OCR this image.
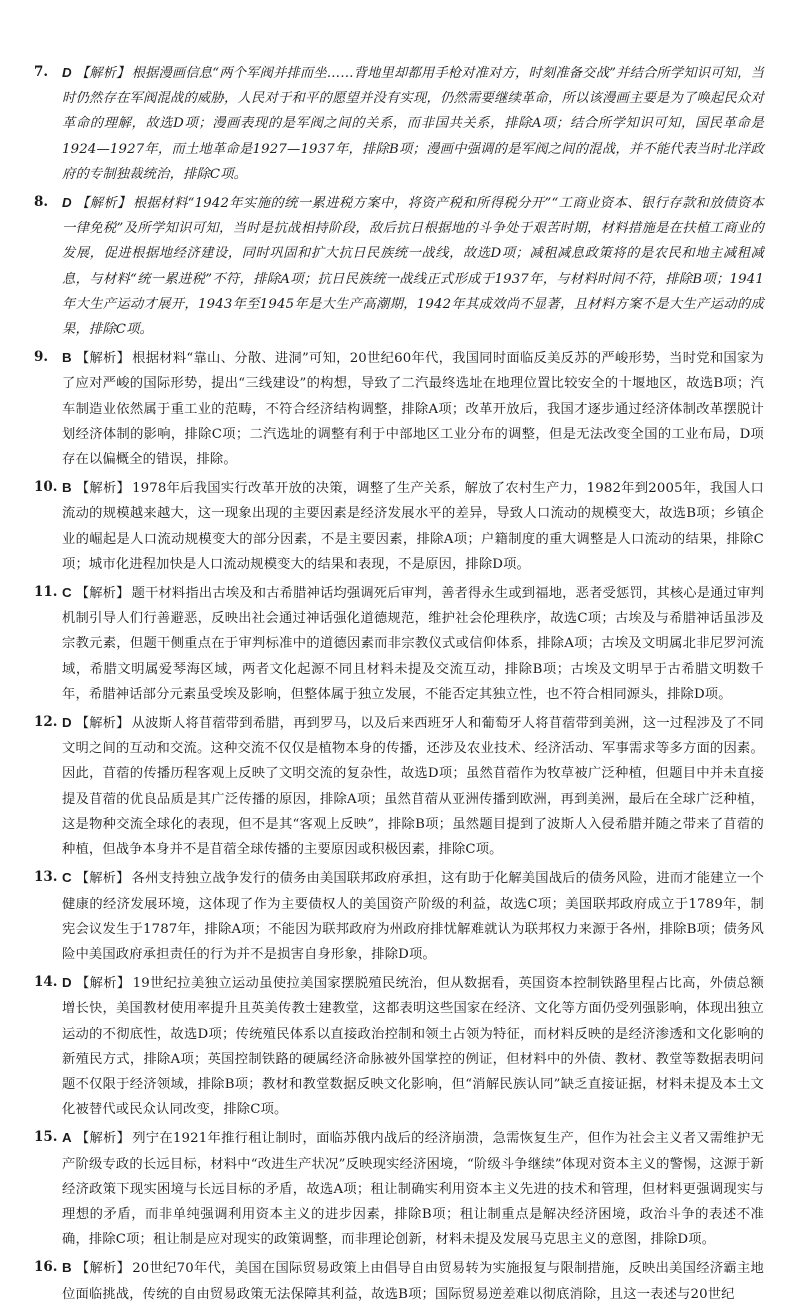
7.	D 【解析】 根据漫画信息“两个军阀并排而坐……背地里却都用手枪对准对方，时刻准备交战”并结合所学知识可知，当时仍然存在军阀混战的威胁，人民对于和平的愿望并没有实现，仍然需要继续革命，所以该漫画主要是为了唤起民众对革命的理解，故选D项；漫画表现的是军阀之间的关系，而非国共关系，排除A项；结合所学知识可知，国民革命是1924—1927年，而土地革命是1927—1937年，排除B项；漫画中强调的是军阀之间的混战，并不能代表当时北洋政府的专制独裁统治，排除C项。
8.	D 【解析】 根据材料“1942年实施的统一累进税方案中，将资产税和所得税分开”“工商业资本、银行存款和放债资本一律免税”及所学知识可知，当时是抗战相持阶段，敌后抗日根据地的斗争处于艰苦时期，材料措施是在扶植工商业的发展，促进根据地经济建设，同时巩固和扩大抗日民族统一战线，故选D项；减租减息政策将的是农民和地主减租减息，与材料“统一累进税”不符，排除A项；抗日民族统一战线正式形成于1937年，与材料时间不符，排除B项；1941年大生产运动才展开，1943年至1945年是大生产高潮期，1942年其成效尚不显著，且材料方案不是大生产运动的成果，排除C项。
9.	B 【解析】 根据材料“靠山、分散、进洞”可知，20世纪60年代，我国同时面临反美反苏的严峻形势，当时党和国家为了应对严峻的国际形势，提出“三线建设”的构想，导致了二汽最终选址在地理位置比较安全的十堰地区，故选B项；汽车制造业依然属于重工业的范畴，不符合经济结构调整，排除A项；改革开放后，我国才逐步通过经济体制改革摆脱计划经济体制的影响，排除C项；二汽选址的调整有利于中部地区工业分布的调整，但是无法改变全国的工业布局，D项存在以偏概全的错误，排除。
10. B 【解析】 1978年后我国实行改革开放的决策，调整了生产关系，解放了农村生产力，1982年到2005年，我国人口流动的规模越来越大，这一现象出现的主要因素是经济发展水平的差异，导致人口流动的规模变大，故选B项；乡镇企业的崛起是人口流动规模变大的部分因素，不是主要因素，排除A项；户籍制度的重大调整是人口流动的结果，排除C项；城市化进程加快是人口流动规模变大的结果和表现，不是原因，排除D项。
11. C 【解析】 题干材料指出古埃及和古希腊神话均强调死后审判，善者得永生或到福地，恶者受惩罚，其核心是通过审判机制引导人们行善避恶，反映出社会通过神话强化道德规范，维护社会伦理秩序，故选C项；古埃及与希腊神话虽涉及宗教元素，但题干侧重点在于审判标准中的道德因素而非宗教仪式或信仰体系，排除A项；古埃及文明属北非尼罗河流域，希腊文明属爱琴海区域，两者文化起源不同且材料未提及交流互动，排除B项；古埃及文明早于古希腊文明数千年，希腊神话部分元素虽受埃及影响，但整体属于独立发展，不能否定其独立性，也不符合相同源头，排除D项。
12. D 【解析】 从波斯人将苜蓿带到希腊，再到罗马，以及后来西班牙人和葡萄牙人将苜蓿带到美洲，这一过程涉及了不同文明之间的互动和交流。这种交流不仅仅是植物本身的传播，还涉及农业技术、经济活动、军事需求等多方面的因素。因此，苜蓿的传播历程客观上反映了文明交流的复杂性，故选D项；虽然苜蓿作为牧草被广泛种植，但题目中并未直接提及苜蓿的优良品质是其广泛传播的原因，排除A项；虽然苜蓿从亚洲传播到欧洲，再到美洲，最后在全球广泛种植，这是物种交流全球化的表现，但不是其“客观上反映”，排除B项；虽然题目提到了波斯人入侵希腊并随之带来了苜蓿的种植，但战争本身并不是苜蓿全球传播的主要原因或积极因素，排除C项。
13. C 【解析】 各州支持独立战争发行的债务由美国联邦政府承担，这有助于化解美国战后的债务风险，进而才能建立一个健康的经济发展环境，这体现了作为主要债权人的美国资产阶级的利益，故选C项；美国联邦政府成立于1789年，制宪会议发生于1787年，排除A项；不能因为联邦政府为州政府排忧解难就认为联邦权力来源于各州，排除B项；债务风险中美国政府承担责任的行为并不是损害自身形象，排除D项。
14. D 【解析】 19世纪拉美独立运动虽使拉美国家摆脱殖民统治，但从数据看，英国资本控制铁路里程占比高，外债总额增长快，美国教材使用率提升且英美传教士建教堂，这都表明这些国家在经济、文化等方面仍受列强影响，体现出独立运动的不彻底性，故选D项；传统殖民体系以直接政治控制和领土占领为特征，而材料反映的是经济渗透和文化影响的新殖民方式，排除A项；英国控制铁路的硬属经济命脉被外国掌控的例证，但材料中的外债、教材、教堂等数据表明问题不仅限于经济领域，排除B项；教材和教堂数据反映文化影响，但“消解民族认同”缺乏直接证据，材料未提及本土文化被替代或民众认同改变，排除C项。
15. A 【解析】 列宁在1921年推行租让制时，面临苏俄内战后的经济崩溃，急需恢复生产，但作为社会主义者又需维护无产阶级专政的长远目标，材料中“改进生产状况”反映现实经济困境，“阶级斗争继续”体现对资本主义的警惕，这源于新经济政策下现实困境与长远目标的矛盾，故选A项；租让制确实利用资本主义先进的技术和管理，但材料更强调现实与理想的矛盾，而非单纯强调利用资本主义的进步因素，排除B项；租让制重点是解决经济困境，政治斗争的表述不准确，排除C项；租让制是应对现实的政策调整，而非理论创新，材料未提及发展马克思主义的意图，排除D项。
16. B 【解析】 20世纪70年代，美国在国际贸易政策上由倡导自由贸易转为实施报复与限制措施，反映出美国经济霸主地位面临挑战，传统的自由贸易政策无法保障其利益，故选B项；国际贸易逆差难以彻底消除，且这一表述与20世纪
